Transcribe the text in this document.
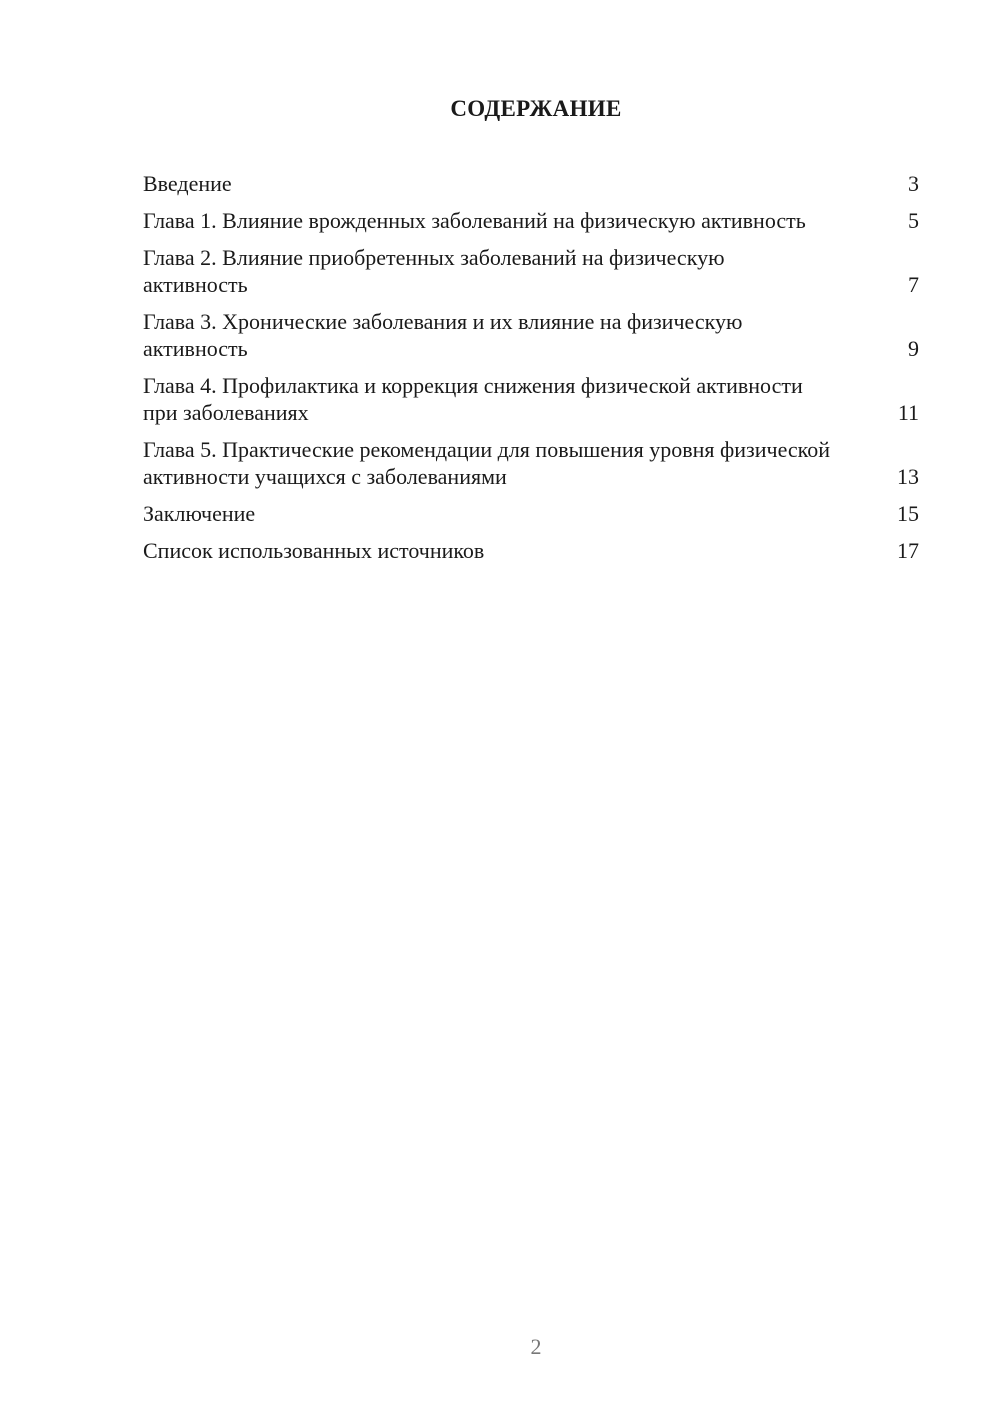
СОДЕРЖАНИЕ
Введение	3
Глава 1. Влияние врожденных заболеваний на физическую активность	5
Глава 2. Влияние приобретенных заболеваний на физическую активность	7
Глава 3. Хронические заболевания и их влияние на физическую активность	9
Глава 4. Профилактика и коррекция снижения физической активности при заболеваниях	11
Глава 5. Практические рекомендации для повышения уровня физической активности учащихся с заболеваниями	13
Заключение	15
Список использованных источников	17
2
